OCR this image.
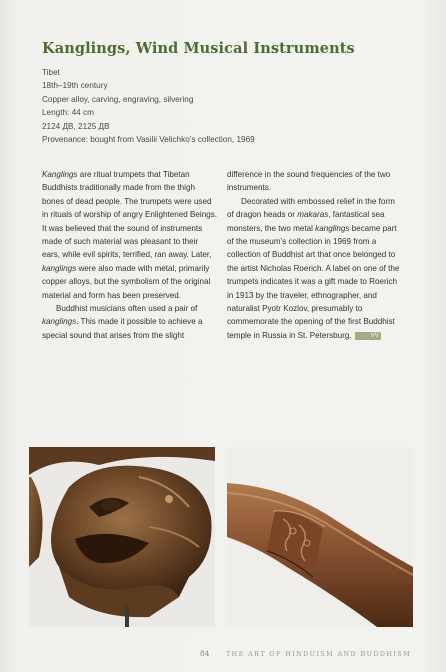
Kanglings, Wind Musical Instruments
Tibet
18th–19th century
Copper alloy, carving, engraving, silvering
Length: 44 cm
2124 ДВ, 2125 ДВ
Provenance: bought from Vasilii Velichko’s collection, 1969

Kanglings are ritual trumpets that Tibetan Buddhists traditionally made from the thigh bones of dead people. The trumpets were used in rituals of worship of angry Enlightened Beings. It was believed that the sound of instruments made of such material was pleasant to their ears, while evil spirits, terrified, ran away. Later, kanglings were also made with metal, primarily copper alloys, but the symbolism of the original material and form has been preserved.

Buddhist musicians often used a pair of kanglings. This made it possible to achieve a special sound that arises from the slight

difference in the sound frequencies of the two instruments.

Decorated with embossed relief in the form of dragon heads or makaras, fantastical sea monsters, the two metal kanglings became part of the museum’s collection in 1969 from a collection of Buddhist art that once belonged to the artist Nicholas Roerich. A label on one of the trumpets indicates it was a gift made to Roerich in 1913 by the traveler, ethnographer, and naturalist Pyotr Kozlov, presumably to commemorate the opening of the first Buddhist temple in Russia in St. Petersburg.	VV

84	THE ART OF HINDUISM AND BUDDHISM
